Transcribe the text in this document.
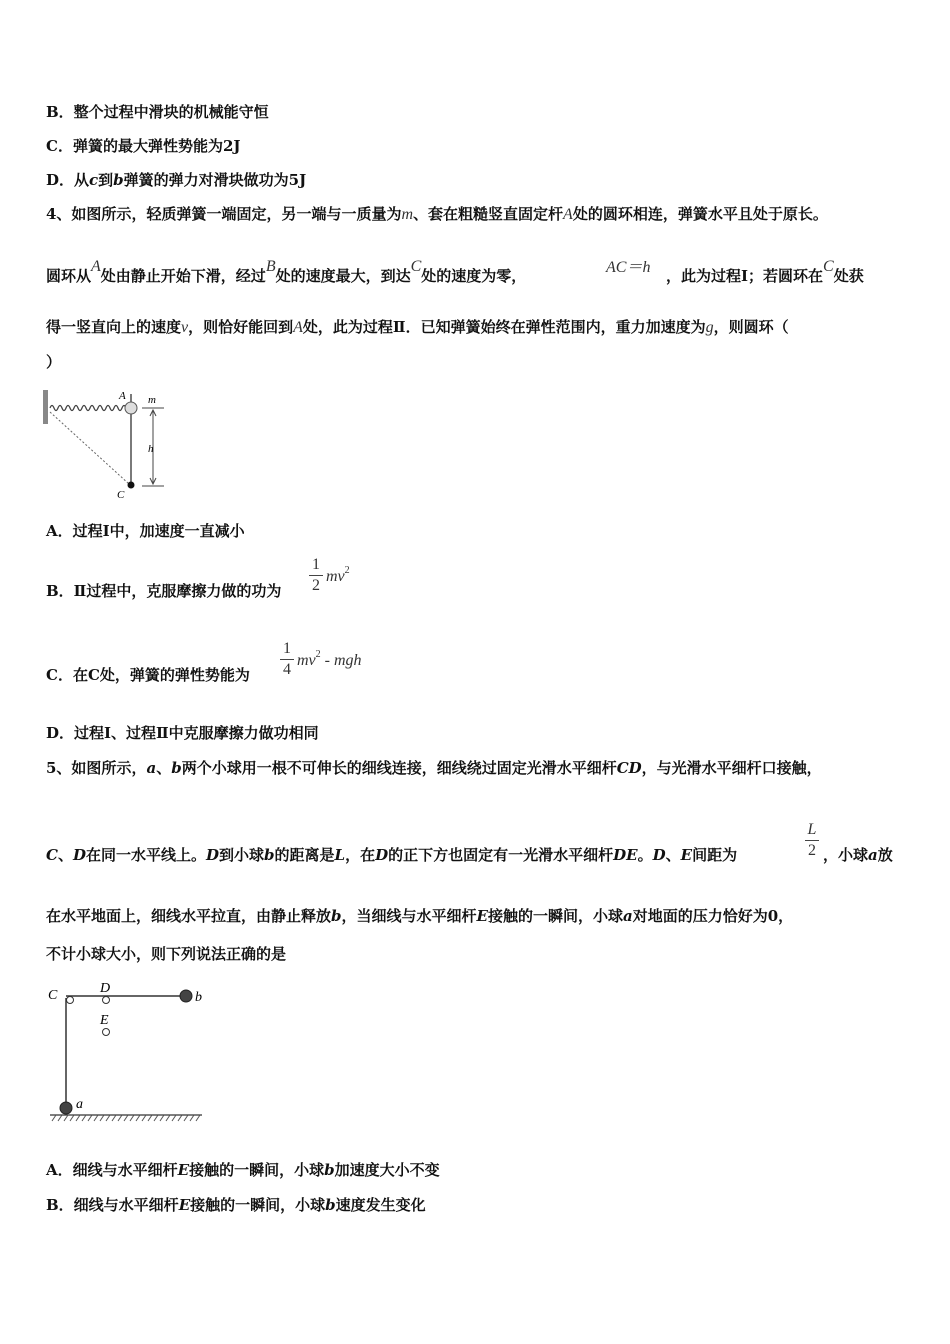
B．整个过程中滑块的机械能守恒
C．弹簧的最大弹性势能为2J
D．从c到b弹簧的弹力对滑块做功为5J
4、如图所示，轻质弹簧一端固定，另一端与一质量为m、套在粗糙竖直固定杆A处的圆环相连，弹簧水平且处于原长。
圆环从A处由静止开始下滑，经过B处的速度最大，到达C处的速度为零，	AC＝h ，此为过程Ⅰ；若圆环在C处获
得一竖直向上的速度v，则恰好能回到A处，此为过程Ⅱ．已知弹簧始终在弹性范围内，重力加速度为g，则圆环（
）
A m
h
C
A．过程Ⅰ中，加速度一直减小
B．Ⅱ过程中，克服摩擦力做的功为
1
2
$mv^2$
C．在C处，弹簧的弹性势能为
1
4
$mv^2$ - mgh
D．过程Ⅰ、过程Ⅱ中克服摩擦力做功相同
5、如图所示，a、b两个小球用一根不可伸长的细线连接，细线绕过固定光滑水平细杆CD，与光滑水平细杆口接触，
C、D在同一水平线上。D到小球b的距离是L，在D的正下方也固定有一光滑水平细杆DE。D、E间距为
L
2 ，小球a放
在水平地面上，细线水平拉直，由静止释放b，当细线与水平细杆E接触的一瞬间，小球a对地面的压力恰好为0，
不计小球大小，则下列说法正确的是
C	D
E
b
a
A．细线与水平细杆E接触的一瞬间，小球b加速度大小不变
B．细线与水平细杆E接触的一瞬间，小球b速度发生变化
